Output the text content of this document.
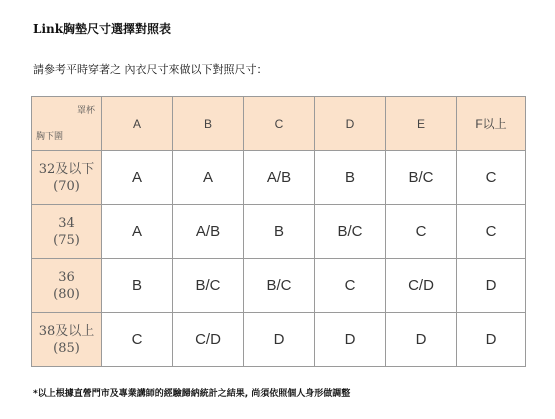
Link胸墊尺寸選擇對照表
請參考平時穿著之 內衣尺寸來做以下對照尺寸：
罩杯
胸下圍	A	B	C	D	E	F以上
32及以下
(70)	A	A	A/B	B	B/C	C
34
(75)	A	A/B	B	B/C	C	C
36
(80)	B	B/C	B/C	C	C/D	D
38及以上
(85)	C	C/D	D	D	D	D
*以上根據直營門市及專業講師的經驗歸納統計之結果, 尚須依照個人身形做調整
